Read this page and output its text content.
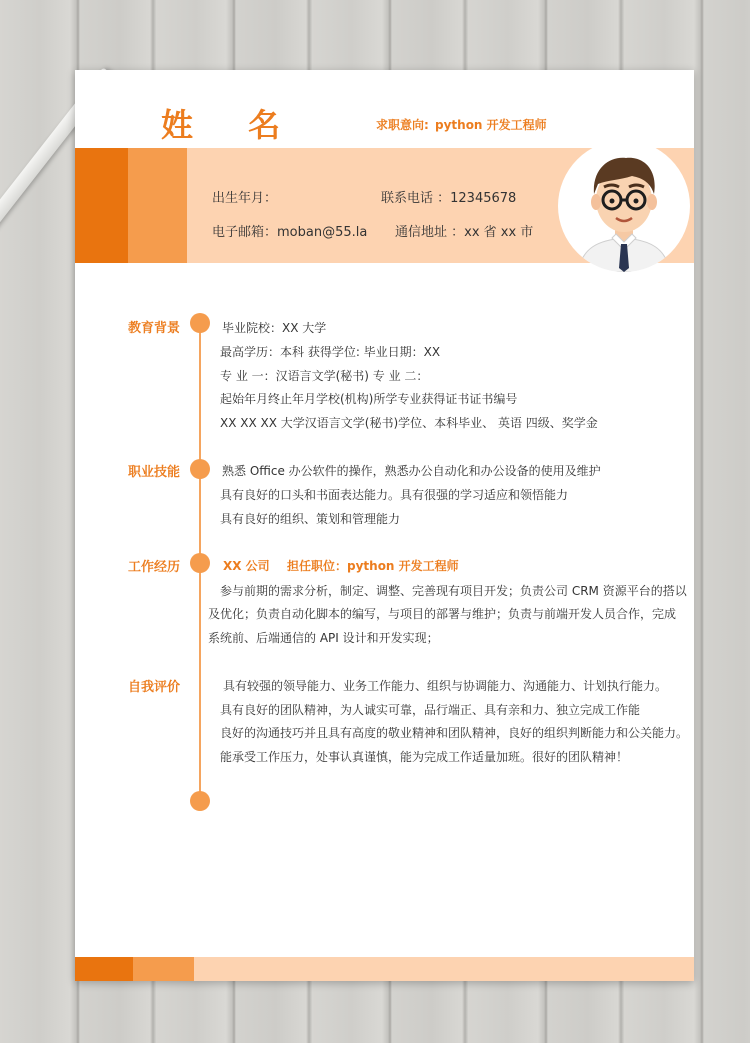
姓 名	求职意向: python 开发工程师
出生年月：	联系电话 ：12345678
电子邮箱：moban@55.la 通信地址 ：xx 省 xx 市
教育背景	毕业院校：XX 大学
最高学历：本科 获得学位: 毕业日期：XX
专 业 一：汉语言文学(秘书) 专 业 二：
起始年月终止年月学校(机构)所学专业获得证书证书编号
XX XX XX 大学汉语言文学(秘书)学位、本科毕业、 英语 四级、奖学金
职业技能	熟悉 Office 办公软件的操作，熟悉办公自动化和办公设备的使用及维护
具有良好的口头和书面表达能力。具有很强的学习适应和领悟能力
具有良好的组织、策划和管理能力
工作经历	XX 公司 担任职位：python 开发工程师
参与前期的需求分析，制定、调整、完善现有项目开发；负责公司 CRM 资源平台的搭以
及优化；负责自动化脚本的编写，与项目的部署与维护；负责与前端开发人员合作，完成
系统前、后端通信的 API 设计和开发实现；
自我评价	具有较强的领导能力、业务工作能力、组织与协调能力、沟通能力、计划执行能力。
具有良好的团队精神，为人诚实可靠，品行端正、具有亲和力、独立完成工作能
良好的沟通技巧并且具有高度的敬业精神和团队精神，良好的组织判断能力和公关能力。
能承受工作压力，处事认真谨慎，能为完成工作适量加班。很好的团队精神！
